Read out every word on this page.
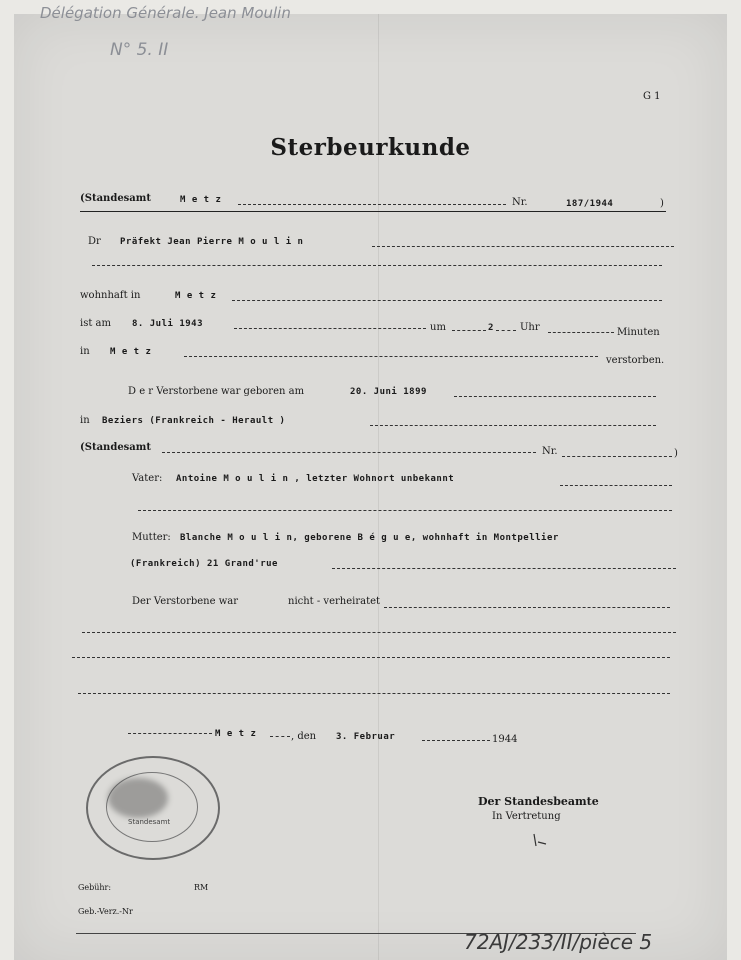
Délégation Générale. Jean Moulin
N° 5. II
G 1
Sterbeurkunde
(Standesamt	M e t z	Nr.	187/1944	)
Dr Präfekt Jean Pierre M o u l i n
wohnhaft in	M e t z
ist am 8. Juli 1943	um	2	Uhr	Minuten
in M e t z
verstorben.
D e r Verstorbene war geboren am	20. Juni 1899
in Beziers (Frankreich - Herault )
(Standesamt	Nr.	)
Vater: Antoine M o u l i n , letzter Wohnort unbekannt
Mutter: Blanche M o u l i n, geborene B é g u e, wohnhaft in Montpellier
(Frankreich) 21 Grand'rue
Der Verstorbene war	nicht - verheiratet
M e t z	, den 3. Februar	1944
Standesamt
Der Standesbeamte
In Vertretung
Gebühr:	RM
Geb.-Verz.-Nr
72AJ/233/II/pièce 5
